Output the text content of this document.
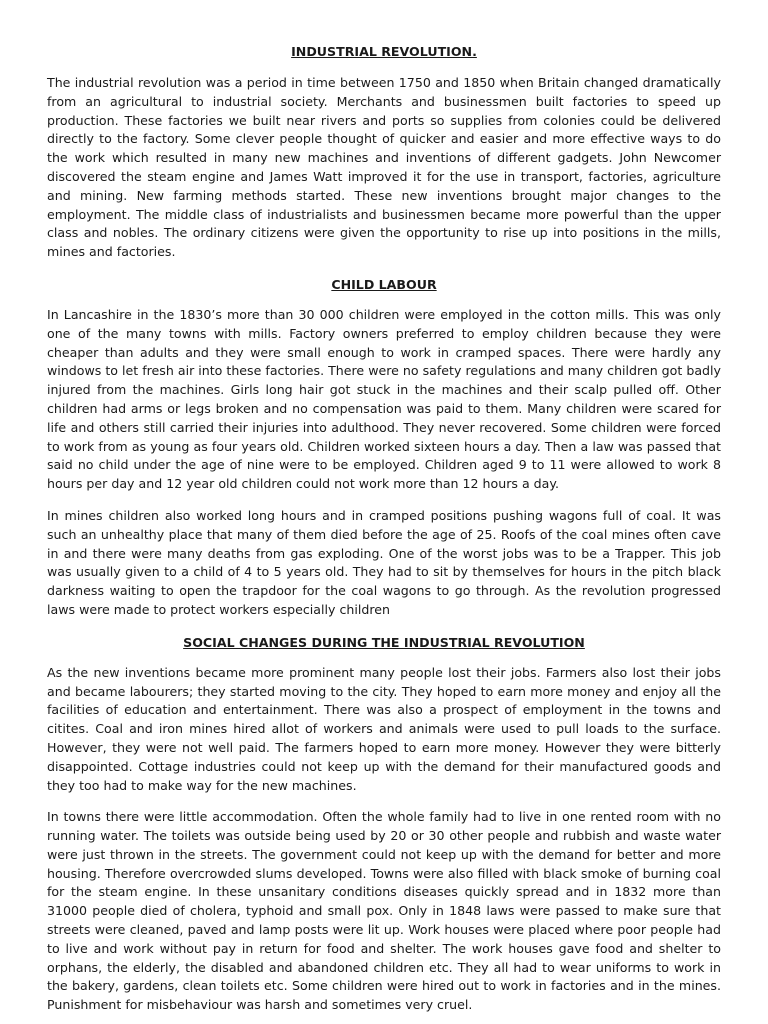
INDUSTRIAL REVOLUTION.

The industrial revolution was a period in time between 1750 and 1850 when Britain changed dramatically from an agricultural to industrial society. Merchants and businessmen built factories to speed up production. These factories we built near rivers and ports so supplies from colonies could be delivered directly to the factory. Some clever people thought of quicker and easier and more effective ways to do the work which resulted in many new machines and inventions of different gadgets. John Newcomer discovered the steam engine and James Watt improved it for the use in transport, factories, agriculture and mining. New farming methods started. These new inventions brought major changes to the employment. The middle class of industrialists and businessmen became more powerful than the upper class and nobles. The ordinary citizens were given the opportunity to rise up into positions in the mills, mines and factories.

CHILD LABOUR

In Lancashire in the 1830’s more than 30 000 children were employed in the cotton mills. This was only one of the many towns with mills. Factory owners preferred to employ children because they were cheaper than adults and they were small enough to work in cramped spaces. There were hardly any windows to let fresh air into these factories. There were no safety regulations and many children got badly injured from the machines. Girls long hair got stuck in the machines and their scalp pulled off. Other children had arms or legs broken and no compensation was paid to them. Many children were scared for life and others still carried their injuries into adulthood. They never recovered. Some children were forced to work from as young as four years old. Children worked sixteen hours a day. Then a law was passed that said no child under the age of nine were to be employed. Children aged 9 to 11 were allowed to work 8 hours per day and 12 year old children could not work more than 12 hours a day.

In mines children also worked long hours and in cramped positions pushing wagons full of coal. It was such an unhealthy place that many of them died before the age of 25. Roofs of the coal mines often cave in and there were many deaths from gas exploding. One of the worst jobs was to be a Trapper. This job was usually given to a child of 4 to 5 years old. They had to sit by themselves for hours in the pitch black darkness waiting to open the trapdoor for the coal wagons to go through. As the revolution progressed laws were made to protect workers especially children

SOCIAL CHANGES DURING THE INDUSTRIAL REVOLUTION

As the new inventions became more prominent many people lost their jobs. Farmers also lost their jobs and became labourers; they started moving to the city. They hoped to earn more money and enjoy all the facilities of education and entertainment. There was also a prospect of employment in the towns and citites. Coal and iron mines hired allot of workers and animals were used to pull loads to the surface. However, they were not well paid. The farmers hoped to earn more money. However they were bitterly disappointed. Cottage industries could not keep up with the demand for their manufactured goods and they too had to make way for the new machines.

In towns there were little accommodation. Often the whole family had to live in one rented room with no running water. The toilets was outside being used by 20 or 30 other people and rubbish and waste water were just thrown in the streets. The government could not keep up with the demand for better and more housing. Therefore overcrowded slums developed. Towns were also filled with black smoke of burning coal for the steam engine. In these unsanitary conditions diseases quickly spread and in 1832 more than 31000 people died of cholera, typhoid and small pox. Only in 1848 laws were passed to make sure that streets were cleaned, paved and lamp posts were lit up. Work houses were placed where poor people had to live and work without pay in return for food and shelter. The work houses gave food and shelter to orphans, the elderly, the disabled and abandoned children etc. They all had to wear uniforms to work in the bakery, gardens, clean toilets etc. Some children were hired out to work in factories and in the mines. Punishment for misbehaviour was harsh and sometimes very cruel.
